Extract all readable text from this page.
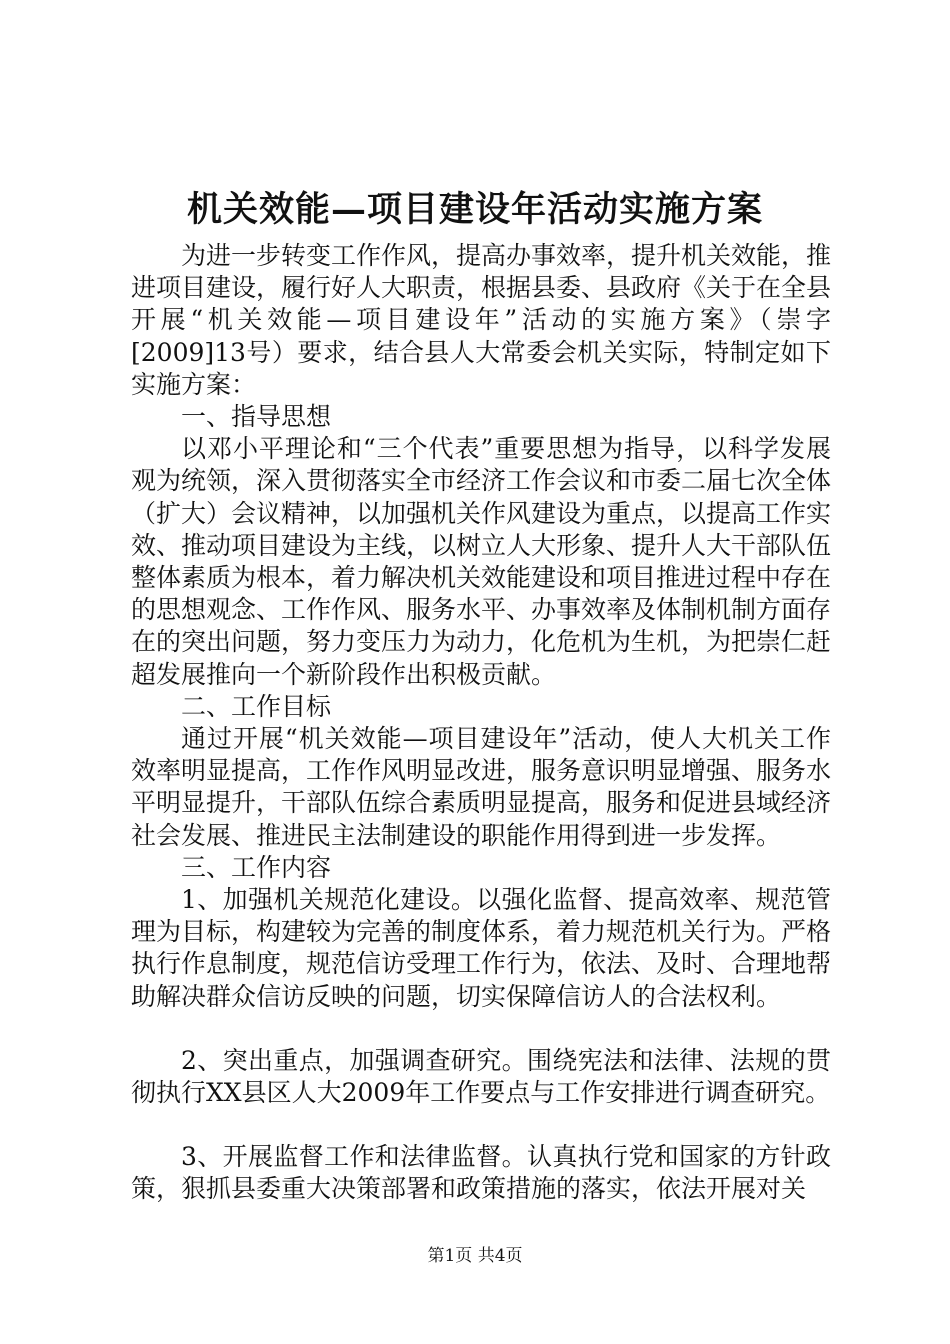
机关效能—项目建设年活动实施方案

为进一步转变工作作风，提高办事效率，提升机关效能，推进项目建设，履行好人大职责，根据县委、县政府《关于在全县开展“机关效能—项目建设年”活动的实施方案》（崇字[2009]13号）要求，结合县人大常委会机关实际，特制定如下实施方案：

一、指导思想

以邓小平理论和“三个代表”重要思想为指导，以科学发展观为统领，深入贯彻落实全市经济工作会议和市委二届七次全体（扩大）会议精神，以加强机关作风建设为重点，以提高工作实效、推动项目建设为主线，以树立人大形象、提升人大干部队伍整体素质为根本，着力解决机关效能建设和项目推进过程中存在的思想观念、工作作风、服务水平、办事效率及体制机制方面存在的突出问题，努力变压力为动力，化危机为生机，为把崇仁赶超发展推向一个新阶段作出积极贡献。

二、工作目标

通过开展“机关效能—项目建设年”活动，使人大机关工作效率明显提高，工作作风明显改进，服务意识明显增强、服务水平明显提升，干部队伍综合素质明显提高，服务和促进县域经济社会发展、推进民主法制建设的职能作用得到进一步发挥。

三、工作内容

1、加强机关规范化建设。以强化监督、提高效率、规范管理为目标，构建较为完善的制度体系，着力规范机关行为。严格执行作息制度，规范信访受理工作行为，依法、及时、合理地帮助解决群众信访反映的问题，切实保障信访人的合法权利。

2、突出重点，加强调查研究。围绕宪法和法律、法规的贯彻执行XX县区人大2009年工作要点与工作安排进行调查研究。

3、开展监督工作和法律监督。认真执行党和国家的方针政策，狠抓县委重大决策部署和政策措施的落实，依法开展对关

第1页 共4页
